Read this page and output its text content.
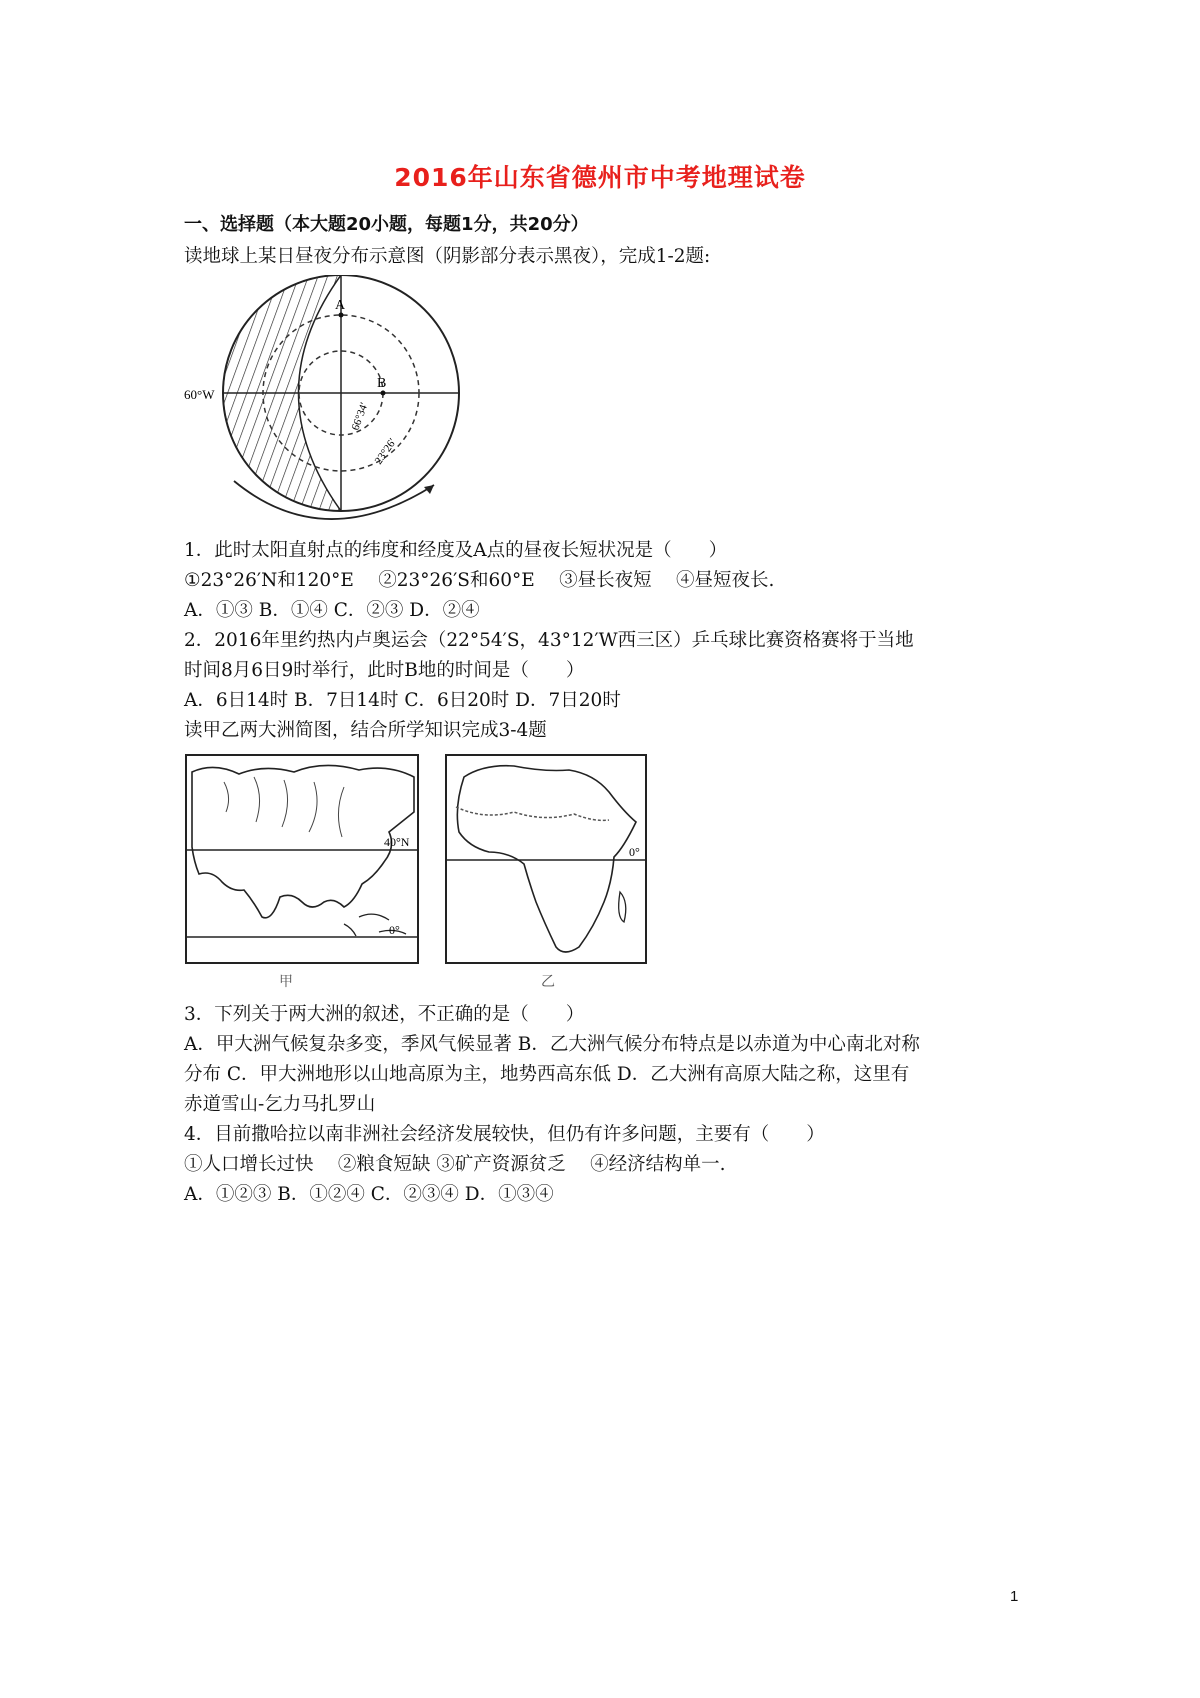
2016年山东省德州市中考地理试卷
一、选择题（本大题20小题，每题1分，共20分）
读地球上某日昼夜分布示意图（阴影部分表示黑夜），完成1-2题:
A
B
60°W
66°34′
23°26′
1．此时太阳直射点的纬度和经度及A点的昼夜长短状况是（　　）
①23°26′N和120°E　 ②23°26′S和60°E　 ③昼长夜短　 ④昼短夜长.
A．①③ B．①④ C．②③ D．②④
2．2016年里约热内卢奥运会（22°54′S，43°12′W西三区）乒乓球比赛资格赛将于当地
时间8月6日9时举行，此时B地的时间是（　　）
A．6日14时 B．7日14时 C．6日20时 D．7日20时
读甲乙两大洲简图，结合所学知识完成3-4题
40°N
0°
甲
0°
乙
3．下列关于两大洲的叙述，不正确的是（　　）
A．甲大洲气候复杂多变，季风气候显著 B．乙大洲气候分布特点是以赤道为中心南北对称
分布 C．甲大洲地形以山地高原为主，地势西高东低 D．乙大洲有高原大陆之称，这里有
赤道雪山-乞力马扎罗山
4．目前撒哈拉以南非洲社会经济发展较快，但仍有许多问题，主要有（　　）
①人口增长过快　 ②粮食短缺 ③矿产资源贫乏　 ④经济结构单一.
A．①②③ B．①②④ C．②③④ D．①③④
1
